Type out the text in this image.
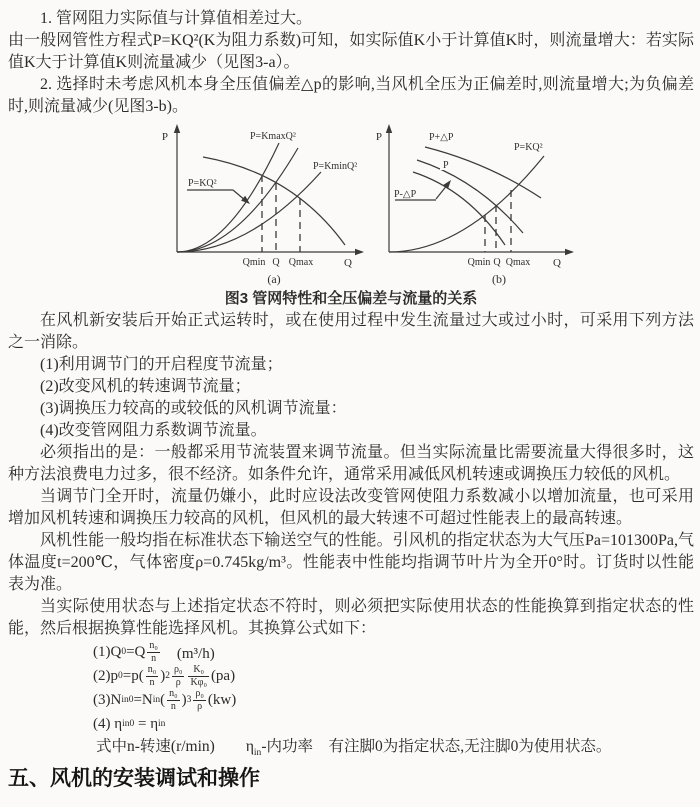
1. 管网阻力实际值与计算值相差过大。

由一般网管性方程式P=KQ²(K为阻力系数)可知，如实际值K小于计算值K时，则流量增大：若实际值K大于计算值K则流量减少（见图3-a）。

2. 选择时未考虑风机本身全压值偏差△p的影响,当风机全压为正偏差时,则流量增大;为负偏差时,则流量减少(见图3-b)。

P	P=KmaxQ²
P=KminQ²
P=KQ²
Qmin Q Qmax	Q
(a)
P	P+△P
P
P=KQ²
P-△P
Qmin Q Qmax Q
(b)

图3 管网特性和全压偏差与流量的关系

在风机新安装后开始正式运转时，或在使用过程中发生流量过大或过小时，可采用下列方法之一消除。

(1)利用调节门的开启程度节流量；

(2)改变风机的转速调节流量；

(3)调换压力较高的或较低的风机调节流量：

(4)改变管网阻力系数调节流量。

必须指出的是：一般都采用节流装置来调节流量。但当实际流量比需要流量大得很多时，这种方法浪费电力过多，很不经济。如条件允许，通常采用减低风机转速或调换压力较低的风机。

当调节门全开时，流量仍嫌小，此时应设法改变管网使阻力系数减小以增加流量，也可采用增加风机转速和调换压力较高的风机，但风机的最大转速不可超过性能表上的最高转速。

风机性能一般均指在标准状态下输送空气的性能。引风机的指定状态为大气压Pa=101300Pa,气体温度t=200℃，气体密度ρ=0.745kg/m³。性能表中性能均指调节叶片为全开0°时。订货时以性能表为准。

当实际使用状态与上述指定状态不符时，则必须把实际使用状态的性能换算到指定状态的性能，然后根据换算性能选择风机。其换算公式如下：

(1)Q $0 =Q \frac{\text{n₀}}{n}$ 　(m³/h)
(2)p $0 =p( \frac{\text{n₀}}{n}$ ) $2 \frac{\text{ρ₀}}{\rho} \frac{\text{K₀}}{\text{Kφ₀}} (pa)$
(3)N in0 =N in ( $\frac{\text{n₀}}{n}$ ) $3 \frac{\text{ρ₀}}{\rho} (kw)$
(4) η in0 = η in

式中n-转速(r/min)　　$\eta_{in}-$内功率　有注脚0为指定状态,无注脚0为使用状态。

五、风机的安装调试和操作
